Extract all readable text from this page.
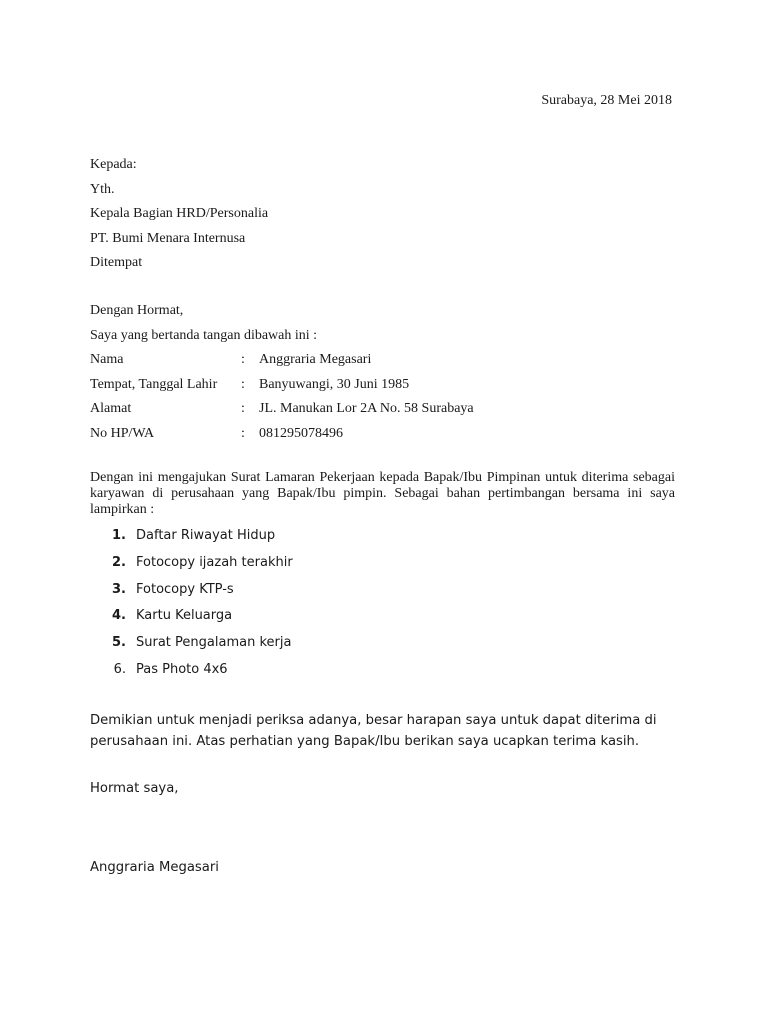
Surabaya, 28 Mei 2018
Kepada:
Yth.
Kepala Bagian HRD/Personalia
PT. Bumi Menara Internusa
Ditempat
Dengan Hormat,
Saya yang bertanda tangan dibawah ini :
Nama	: Anggraria Megasari
Tempat, Tanggal Lahir : Banyuwangi, 30 Juni 1985
Alamat	: JL. Manukan Lor 2A No. 58 Surabaya
No HP/WA	: 081295078496
Dengan ini mengajukan Surat Lamaran Pekerjaan kepada Bapak/Ibu Pimpinan untuk diterima sebagai karyawan di perusahaan yang Bapak/Ibu pimpin. Sebagai bahan pertimbangan bersama ini saya lampirkan :
1. Daftar Riwayat Hidup
2. Fotocopy ijazah terakhir
3. Fotocopy KTP-s
4. Kartu Keluarga
5. Surat Pengalaman kerja
6. Pas Photo 4x6
Demikian untuk menjadi periksa adanya, besar harapan saya untuk dapat diterima di perusahaan ini. Atas perhatian yang Bapak/Ibu berikan saya ucapkan terima kasih.
Hormat saya,
Anggraria Megasari
